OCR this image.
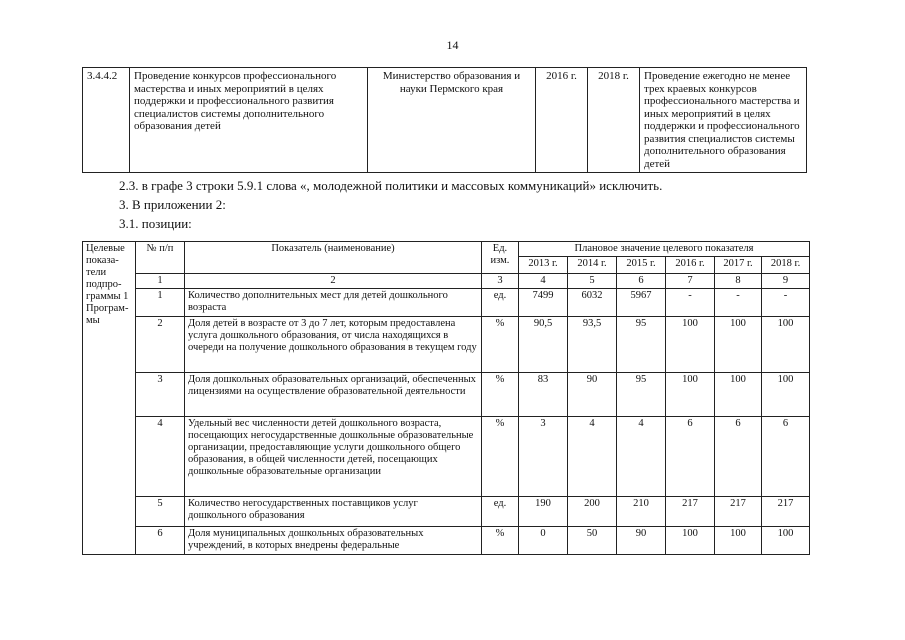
14
3.4.4.2	Проведение конкурсов профессионального мастерства и иных мероприятий в целях поддержки и профессионального развития специалистов системы дополнительного образования детей	Министерство образования и науки Пермского края	2016 г.	2018 г.	Проведение ежегодно не менее трех краевых конкурсов профессионального мастерства и иных мероприятий в целях поддержки и профессионального развития специалистов системы дополнительного образования детей
2.3. в графе 3 строки 5.9.1 слова «, молодежной политики и массовых коммуникаций» исключить.
3. В приложении 2:
3.1. позиции:
Целевые показа-тели подпро-граммы 1 Програм-мы	№ п/п	Показатель (наименование)	Ед. изм.	Плановое значение целевого показателя					
				2013 г.	2014 г.	2015 г.	2016 г.	2017 г.	2018 г.
	1	2	3	4	5	6	7	8	9
	1	Количество дополнительных мест для детей дошкольного возраста	ед.	7499	6032	5967	-	-	-
	2	Доля детей в возрасте от 3 до 7 лет, которым предоставлена услуга дошкольного образования, от числа находящихся в очереди на получение дошкольного образования в текущем году	%	90,5	93,5	95	100	100	100
	3	Доля дошкольных образовательных организаций, обеспеченных лицензиями на осуществление образовательной деятельности	%	83	90	95	100	100	100
	4	Удельный вес численности детей дошкольного возраста, посещающих негосударственные дошкольные образовательные организации, предоставляющие услуги дошкольного общего образования, в общей численности детей, посещающих дошкольные образовательные организации	%	3	4	4	6	6	6
	5	Количество негосударственных поставщиков услуг дошкольного образования	ед.	190	200	210	217	217	217
	6	Доля муниципальных дошкольных образовательных учреждений, в которых внедрены федеральные	%	0	50	90	100	100	100
